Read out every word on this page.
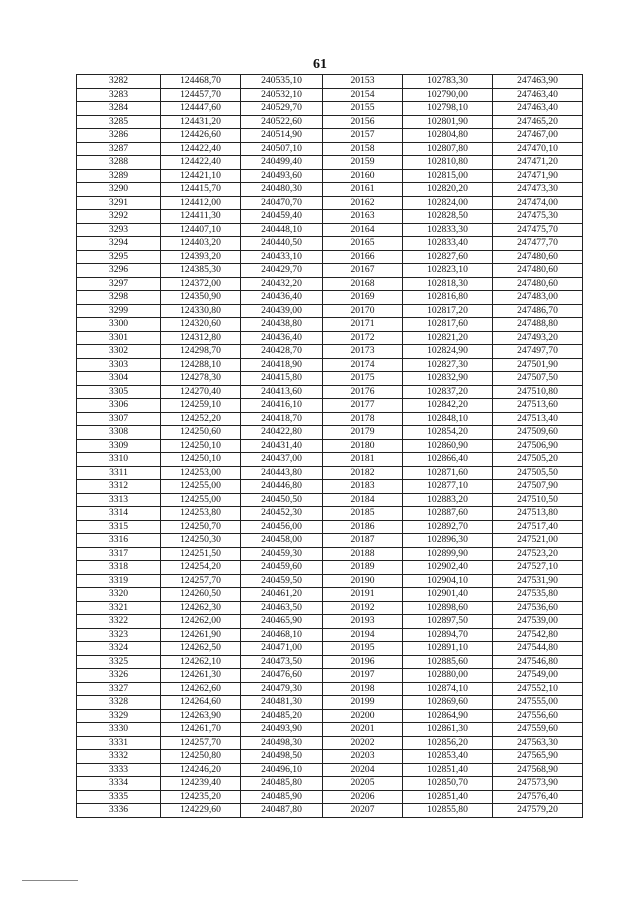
61
3282	124468,70	240535,10	20153	102783,30	247463,90
3283	124457,70	240532,10	20154	102790,00	247463,40
3284	124447,60	240529,70	20155	102798,10	247463,40
3285	124431,20	240522,60	20156	102801,90	247465,20
3286	124426,60	240514,90	20157	102804,80	247467,00
3287	124422,40	240507,10	20158	102807,80	247470,10
3288	124422,40	240499,40	20159	102810,80	247471,20
3289	124421,10	240493,60	20160	102815,00	247471,90
3290	124415,70	240480,30	20161	102820,20	247473,30
3291	124412,00	240470,70	20162	102824,00	247474,00
3292	124411,30	240459,40	20163	102828,50	247475,30
3293	124407,10	240448,10	20164	102833,30	247475,70
3294	124403,20	240440,50	20165	102833,40	247477,70
3295	124393,20	240433,10	20166	102827,60	247480,60
3296	124385,30	240429,70	20167	102823,10	247480,60
3297	124372,00	240432,20	20168	102818,30	247480,60
3298	124350,90	240436,40	20169	102816,80	247483,00
3299	124330,80	240439,00	20170	102817,20	247486,70
3300	124320,60	240438,80	20171	102817,60	247488,80
3301	124312,80	240436,40	20172	102821,20	247493,20
3302	124298,70	240428,70	20173	102824,90	247497,70
3303	124288,10	240418,90	20174	102827,30	247501,90
3304	124278,30	240415,80	20175	102832,90	247507,50
3305	124270,40	240413,60	20176	102837,20	247510,80
3306	124259,10	240416,10	20177	102842,20	247513,60
3307	124252,20	240418,70	20178	102848,10	247513,40
3308	124250,60	240422,80	20179	102854,20	247509,60
3309	124250,10	240431,40	20180	102860,90	247506,90
3310	124250,10	240437,00	20181	102866,40	247505,20
3311	124253,00	240443,80	20182	102871,60	247505,50
3312	124255,00	240446,80	20183	102877,10	247507,90
3313	124255,00	240450,50	20184	102883,20	247510,50
3314	124253,80	240452,30	20185	102887,60	247513,80
3315	124250,70	240456,00	20186	102892,70	247517,40
3316	124250,30	240458,00	20187	102896,30	247521,00
3317	124251,50	240459,30	20188	102899,90	247523,20
3318	124254,20	240459,60	20189	102902,40	247527,10
3319	124257,70	240459,50	20190	102904,10	247531,90
3320	124260,50	240461,20	20191	102901,40	247535,80
3321	124262,30	240463,50	20192	102898,60	247536,60
3322	124262,00	240465,90	20193	102897,50	247539,00
3323	124261,90	240468,10	20194	102894,70	247542,80
3324	124262,50	240471,00	20195	102891,10	247544,80
3325	124262,10	240473,50	20196	102885,60	247546,80
3326	124261,30	240476,60	20197	102880,00	247549,00
3327	124262,60	240479,30	20198	102874,10	247552,10
3328	124264,60	240481,30	20199	102869,60	247555,00
3329	124263,90	240485,20	20200	102864,90	247556,60
3330	124261,70	240493,90	20201	102861,30	247559,60
3331	124257,70	240498,30	20202	102856,20	247563,30
3332	124250,80	240498,50	20203	102853,40	247565,90
3333	124246,20	240496,10	20204	102851,40	247568,90
3334	124239,40	240485,80	20205	102850,70	247573,90
3335	124235,20	240485,90	20206	102851,40	247576,40
3336	124229,60	240487,80	20207	102855,80	247579,20
